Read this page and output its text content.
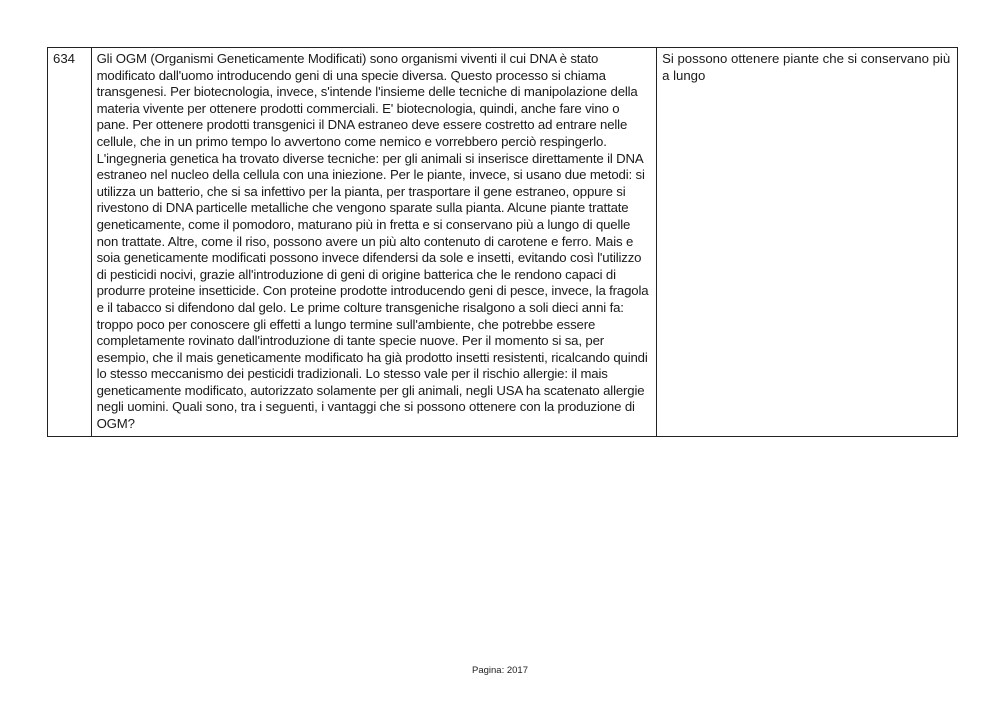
634	Gli OGM (Organismi Geneticamente Modificati) sono organismi viventi il cui DNA è stato modificato dall'uomo introducendo geni di una specie diversa. Questo processo si chiama transgenesi. Per biotecnologia, invece, s'intende l'insieme delle tecniche di manipolazione della materia vivente per ottenere prodotti commerciali. E' biotecnologia, quindi, anche fare vino o pane. Per ottenere prodotti transgenici il DNA estraneo deve essere costretto ad entrare nelle cellule, che in un primo tempo lo avvertono come nemico e vorrebbero perciò respingerlo. L'ingegneria genetica ha trovato diverse tecniche: per gli animali si inserisce direttamente il DNA estraneo nel nucleo della cellula con una iniezione. Per le piante, invece, si usano due metodi: si utilizza un batterio, che si sa infettivo per la pianta, per trasportare il gene estraneo, oppure si rivestono di DNA particelle metalliche che vengono sparate sulla pianta. Alcune piante trattate geneticamente, come il pomodoro, maturano più in fretta e si conservano più a lungo di quelle non trattate. Altre, come il riso, possono avere un più alto contenuto di carotene e ferro. Mais e soia geneticamente modificati possono invece difendersi da sole e insetti, evitando così l'utilizzo di pesticidi nocivi, grazie all'introduzione di geni di origine batterica che le rendono capaci di produrre proteine insetticide. Con proteine prodotte introducendo geni di pesce, invece, la fragola e il tabacco si difendono dal gelo. Le prime colture transgeniche risalgono a soli dieci anni fa: troppo poco per conoscere gli effetti a lungo termine sull'ambiente, che potrebbe essere completamente rovinato dall'introduzione di tante specie nuove. Per il momento si sa, per esempio, che il mais geneticamente modificato ha già prodotto insetti resistenti, ricalcando quindi lo stesso meccanismo dei pesticidi tradizionali. Lo stesso vale per il rischio allergie: il mais geneticamente modificato, autorizzato solamente per gli animali, negli USA ha scatenato allergie negli uomini. Quali sono, tra i seguenti, i vantaggi che si possono ottenere con la produzione di OGM?	Si possono ottenere piante che si conservano più a lungo
Pagina: 2017
